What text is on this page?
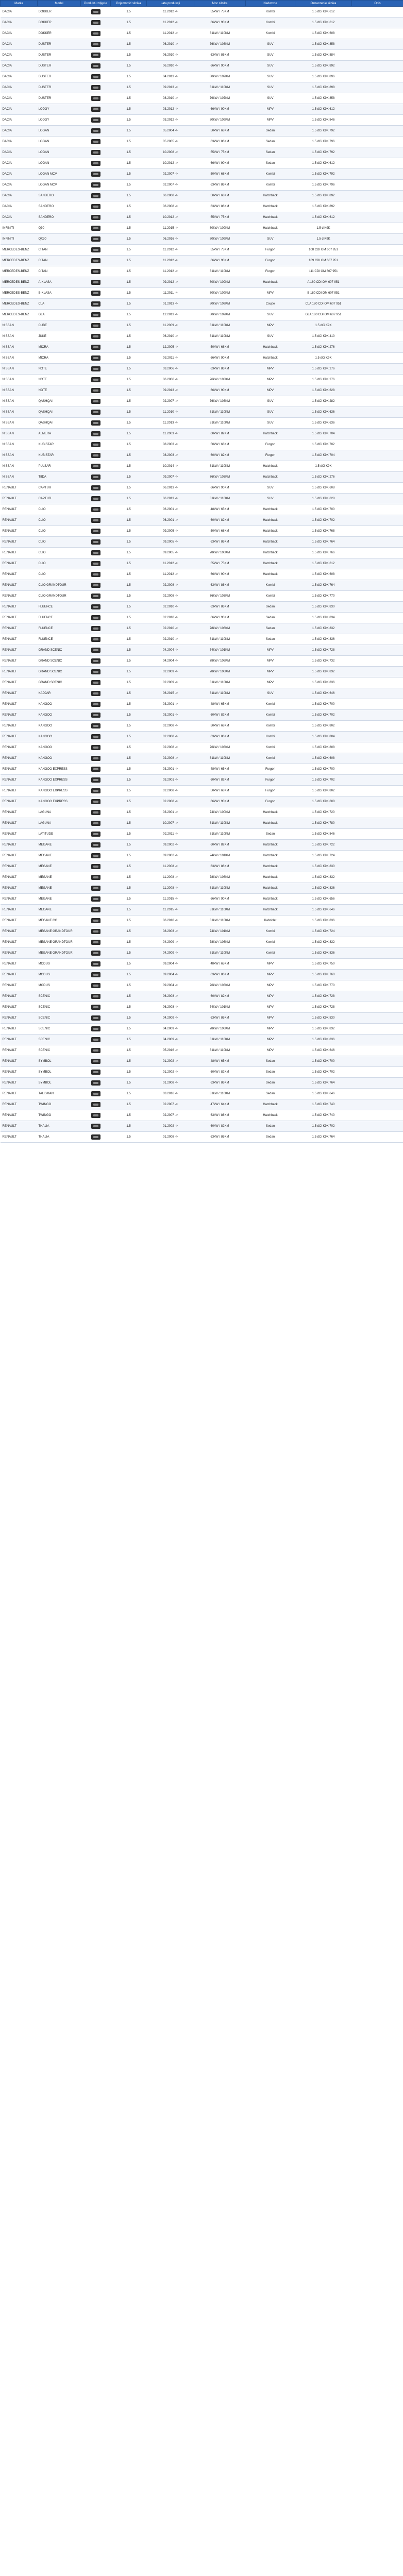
Marka	Model	Produktu zdjęcie	Pojemność silnika	Lata produkcji	Moc silnika	Nadwozie	Oznaczenie silnika	Opis
DACIA	DOKKER		1.5	11.2012 ->	55kW / 75KM	Kombi	1.5 dCi K9K 612	
DACIA	DOKKER		1.5	11.2012 ->	66kW / 90KM	Kombi	1.5 dCi K9K 612	
DACIA	DOKKER		1.5	11.2012 ->	81kW / 110KM	Kombi	1.5 dCi K9K 608	
DACIA	DUSTER		1.5	06.2010 ->	76kW / 103KM	SUV	1.5 dCi K9K 858	
DACIA	DUSTER		1.5	06.2010 ->	63kW / 86KM	SUV	1.5 dCi K9K 884	
DACIA	DUSTER		1.5	06.2010 ->	66kW / 90KM	SUV	1.5 dCi K9K 892	
DACIA	DUSTER		1.5	04.2013 ->	80kW / 109KM	SUV	1.5 dCi K9K 896	
DACIA	DUSTER		1.5	09.2013 ->	81kW / 110KM	SUV	1.5 dCi K9K 898	
DACIA	DUSTER		1.5	08.2010 ->	79kW / 107KM	SUV	1.5 dCi K9K 858	
DACIA	LODGY		1.5	03.2012 ->	66kW / 90KM	MPV	1.5 dCi K9K 612	
DACIA	LODGY		1.5	03.2012 ->	80kW / 109KM	MPV	1.5 dCi K9K 846	
DACIA	LOGAN		1.5	05.2004 ->	50kW / 68KM	Sedan	1.5 dCi K9K 792	
DACIA	LOGAN		1.5	05.2005 ->	63kW / 86KM	Sedan	1.5 dCi K9K 796	
DACIA	LOGAN		1.5	10.2008 ->	55kW / 75KM	Sedan	1.5 dCi K9K 792	
DACIA	LOGAN		1.5	10.2012 ->	66kW / 90KM	Sedan	1.5 dCi K9K 612	
DACIA	LOGAN MCV		1.5	02.2007 ->	50kW / 68KM	Kombi	1.5 dCi K9K 792	
DACIA	LOGAN MCV		1.5	02.2007 ->	63kW / 86KM	Kombi	1.5 dCi K9K 796	
DACIA	SANDERO		1.5	06.2008 ->	50kW / 68KM	Hatchback	1.5 dCi K9K 892	
DACIA	SANDERO		1.5	06.2008 ->	63kW / 86KM	Hatchback	1.5 dCi K9K 892	
DACIA	SANDERO		1.5	10.2012 ->	55kW / 75KM	Hatchback	1.5 dCi K9K 612	
INFINITI	Q30		1.5	11.2015 ->	80kW / 109KM	Hatchback	1.5 d K9K	
INFINITI	QX30		1.5	06.2016 ->	80kW / 109KM	SUV	1.5 d K9K	
MERCEDES-BENZ	CITAN		1.5	11.2012 ->	55kW / 75KM	Furgon	108 CDI OM 607 951	
MERCEDES-BENZ	CITAN		1.5	11.2012 ->	66kW / 90KM	Furgon	109 CDI OM 607 951	
MERCEDES-BENZ	CITAN		1.5	11.2012 ->	81kW / 110KM	Furgon	111 CDI OM 607 951	
MERCEDES-BENZ	A-KLASA		1.5	09.2012 ->	80kW / 109KM	Hatchback	A 180 CDI OM 607 951	
MERCEDES-BENZ	B-KLASA		1.5	11.2011 ->	80kW / 109KM	MPV	B 180 CDI OM 607 951	
MERCEDES-BENZ	CLA		1.5	01.2013 ->	80kW / 109KM	Coupe	CLA 180 CDI OM 607 951	
MERCEDES-BENZ	GLA		1.5	12.2013 ->	80kW / 109KM	SUV	GLA 180 CDI OM 607 951	
NISSAN	CUBE		1.5	11.2009 ->	81kW / 110KM	MPV	1.5 dCi K9K	
NISSAN	JUKE		1.5	06.2010 ->	81kW / 110KM	SUV	1.5 dCi K9K 410	
NISSAN	MICRA		1.5	12.2005 ->	50kW / 68KM	Hatchback	1.5 dCi K9K 276	
NISSAN	MICRA		1.5	03.2011 ->	66kW / 90KM	Hatchback	1.5 dCi K9K	
NISSAN	NOTE		1.5	03.2006 ->	63kW / 86KM	MPV	1.5 dCi K9K 276	
NISSAN	NOTE		1.5	06.2006 ->	76kW / 103KM	MPV	1.5 dCi K9K 276	
NISSAN	NOTE		1.5	09.2013 ->	66kW / 90KM	MPV	1.5 dCi K9K 628	
NISSAN	QASHQAI		1.5	02.2007 ->	76kW / 103KM	SUV	1.5 dCi K9K 282	
NISSAN	QASHQAI		1.5	11.2010 ->	81kW / 110KM	SUV	1.5 dCi K9K 636	
NISSAN	QASHQAI		1.5	11.2013 ->	81kW / 110KM	SUV	1.5 dCi K9K 636	
NISSAN	ALMERA		1.5	11.2003 ->	60kW / 82KM	Hatchback	1.5 dCi K9K 704	
NISSAN	KUBISTAR		1.5	08.2003 ->	50kW / 68KM	Furgon	1.5 dCi K9K 702	
NISSAN	KUBISTAR		1.5	08.2003 ->	60kW / 82KM	Furgon	1.5 dCi K9K 704	
NISSAN	PULSAR		1.5	10.2014 ->	81kW / 110KM	Hatchback	1.5 dCi K9K	
NISSAN	TIIDA		1.5	09.2007 ->	76kW / 103KM	Hatchback	1.5 dCi K9K 276	
RENAULT	CAPTUR		1.5	06.2013 ->	66kW / 90KM	SUV	1.5 dCi K9K 608	
RENAULT	CAPTUR		1.5	06.2013 ->	81kW / 110KM	SUV	1.5 dCi K9K 628	
RENAULT	CLIO		1.5	06.2001 ->	48kW / 65KM	Hatchback	1.5 dCi K9K 700	
RENAULT	CLIO		1.5	06.2001 ->	60kW / 82KM	Hatchback	1.5 dCi K9K 702	
RENAULT	CLIO		1.5	09.2005 ->	50kW / 68KM	Hatchback	1.5 dCi K9K 768	
RENAULT	CLIO		1.5	09.2005 ->	63kW / 86KM	Hatchback	1.5 dCi K9K 764	
RENAULT	CLIO		1.5	09.2005 ->	78kW / 106KM	Hatchback	1.5 dCi K9K 766	
RENAULT	CLIO		1.5	11.2012 ->	55kW / 75KM	Hatchback	1.5 dCi K9K 612	
RENAULT	CLIO		1.5	11.2012 ->	66kW / 90KM	Hatchback	1.5 dCi K9K 608	
RENAULT	CLIO GRANDTOUR		1.5	02.2008 ->	63kW / 86KM	Kombi	1.5 dCi K9K 764	
RENAULT	CLIO GRANDTOUR		1.5	02.2008 ->	76kW / 103KM	Kombi	1.5 dCi K9K 770	
RENAULT	FLUENCE		1.5	02.2010 ->	63kW / 86KM	Sedan	1.5 dCi K9K 830	
RENAULT	FLUENCE		1.5	02.2010 ->	66kW / 90KM	Sedan	1.5 dCi K9K 834	
RENAULT	FLUENCE		1.5	02.2010 ->	78kW / 106KM	Sedan	1.5 dCi K9K 832	
RENAULT	FLUENCE		1.5	02.2010 ->	81kW / 110KM	Sedan	1.5 dCi K9K 836	
RENAULT	GRAND SCENIC		1.5	04.2004 ->	74kW / 101KM	MPV	1.5 dCi K9K 728	
RENAULT	GRAND SCENIC		1.5	04.2004 ->	78kW / 106KM	MPV	1.5 dCi K9K 732	
RENAULT	GRAND SCENIC		1.5	02.2009 ->	78kW / 106KM	MPV	1.5 dCi K9K 832	
RENAULT	GRAND SCENIC		1.5	02.2009 ->	81kW / 110KM	MPV	1.5 dCi K9K 836	
RENAULT	KADJAR		1.5	06.2015 ->	81kW / 110KM	SUV	1.5 dCi K9K 646	
RENAULT	KANGOO		1.5	03.2001 ->	48kW / 65KM	Kombi	1.5 dCi K9K 700	
RENAULT	KANGOO		1.5	03.2001 ->	60kW / 82KM	Kombi	1.5 dCi K9K 702	
RENAULT	KANGOO		1.5	02.2008 ->	50kW / 68KM	Kombi	1.5 dCi K9K 802	
RENAULT	KANGOO		1.5	02.2008 ->	63kW / 86KM	Kombi	1.5 dCi K9K 804	
RENAULT	KANGOO		1.5	02.2008 ->	76kW / 103KM	Kombi	1.5 dCi K9K 808	
RENAULT	KANGOO		1.5	02.2008 ->	81kW / 110KM	Kombi	1.5 dCi K9K 608	
RENAULT	KANGOO EXPRESS		1.5	03.2001 ->	48kW / 65KM	Furgon	1.5 dCi K9K 700	
RENAULT	KANGOO EXPRESS		1.5	03.2001 ->	60kW / 82KM	Furgon	1.5 dCi K9K 702	
RENAULT	KANGOO EXPRESS		1.5	02.2008 ->	50kW / 68KM	Furgon	1.5 dCi K9K 802	
RENAULT	KANGOO EXPRESS		1.5	02.2008 ->	66kW / 90KM	Furgon	1.5 dCi K9K 608	
RENAULT	LAGUNA		1.5	03.2001 ->	74kW / 100KM	Hatchback	1.5 dCi K9K 720	
RENAULT	LAGUNA		1.5	10.2007 ->	81kW / 110KM	Hatchback	1.5 dCi K9K 780	
RENAULT	LATITUDE		1.5	02.2011 ->	81kW / 110KM	Sedan	1.5 dCi K9K 846	
RENAULT	MEGANE		1.5	09.2002 ->	60kW / 82KM	Hatchback	1.5 dCi K9K 722	
RENAULT	MEGANE		1.5	09.2002 ->	74kW / 101KM	Hatchback	1.5 dCi K9K 724	
RENAULT	MEGANE		1.5	11.2008 ->	63kW / 86KM	Hatchback	1.5 dCi K9K 830	
RENAULT	MEGANE		1.5	11.2008 ->	78kW / 106KM	Hatchback	1.5 dCi K9K 832	
RENAULT	MEGANE		1.5	11.2008 ->	81kW / 110KM	Hatchback	1.5 dCi K9K 836	
RENAULT	MEGANE		1.5	11.2015 ->	66kW / 90KM	Hatchback	1.5 dCi K9K 656	
RENAULT	MEGANE		1.5	11.2015 ->	81kW / 110KM	Hatchback	1.5 dCi K9K 646	
RENAULT	MEGANE CC		1.5	06.2010 ->	81kW / 110KM	Kabriolet	1.5 dCi K9K 836	
RENAULT	MEGANE GRANDTOUR		1.5	08.2003 ->	74kW / 101KM	Kombi	1.5 dCi K9K 724	
RENAULT	MEGANE GRANDTOUR		1.5	04.2009 ->	78kW / 106KM	Kombi	1.5 dCi K9K 832	
RENAULT	MEGANE GRANDTOUR		1.5	04.2009 ->	81kW / 110KM	Kombi	1.5 dCi K9K 836	
RENAULT	MODUS		1.5	09.2004 ->	48kW / 65KM	MPV	1.5 dCi K9K 750	
RENAULT	MODUS		1.5	09.2004 ->	63kW / 86KM	MPV	1.5 dCi K9K 760	
RENAULT	MODUS		1.5	09.2004 ->	76kW / 103KM	MPV	1.5 dCi K9K 770	
RENAULT	SCENIC		1.5	06.2003 ->	60kW / 82KM	MPV	1.5 dCi K9K 728	
RENAULT	SCENIC		1.5	06.2003 ->	74kW / 101KM	MPV	1.5 dCi K9K 728	
RENAULT	SCENIC		1.5	04.2009 ->	63kW / 86KM	MPV	1.5 dCi K9K 830	
RENAULT	SCENIC		1.5	04.2009 ->	78kW / 106KM	MPV	1.5 dCi K9K 832	
RENAULT	SCENIC		1.5	04.2009 ->	81kW / 110KM	MPV	1.5 dCi K9K 836	
RENAULT	SCENIC		1.5	05.2016 ->	81kW / 110KM	MPV	1.5 dCi K9K 646	
RENAULT	SYMBOL		1.5	01.2002 ->	48kW / 65KM	Sedan	1.5 dCi K9K 700	
RENAULT	SYMBOL		1.5	01.2002 ->	60kW / 82KM	Sedan	1.5 dCi K9K 702	
RENAULT	SYMBOL		1.5	01.2008 ->	63kW / 86KM	Sedan	1.5 dCi K9K 764	
RENAULT	TALISMAN		1.5	03.2016 ->	81kW / 110KM	Sedan	1.5 dCi K9K 646	
RENAULT	TWINGO		1.5	02.2007 ->	47kW / 64KM	Hatchback	1.5 dCi K9K 740	
RENAULT	TWINGO		1.5	02.2007 ->	63kW / 86KM	Hatchback	1.5 dCi K9K 740	
RENAULT	THALIA		1.5	01.2002 ->	60kW / 82KM	Sedan	1.5 dCi K9K 702	
RENAULT	THALIA		1.5	01.2008 ->	63kW / 86KM	Sedan	1.5 dCi K9K 764	
